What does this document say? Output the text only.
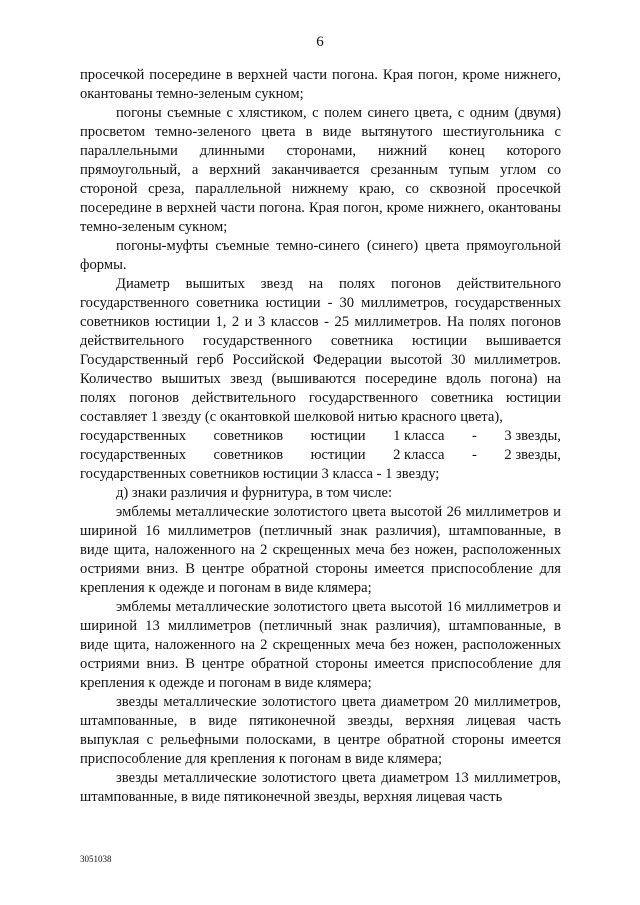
6

просечкой посередине в верхней части погона. Края погон, кроме нижнего, окантованы темно-зеленым сукном;

погоны съемные с хлястиком, с полем синего цвета, с одним (двумя) просветом темно-зеленого цвета в виде вытянутого шестиугольника с параллельными длинными сторонами, нижний конец которого прямоугольный, а верхний заканчивается срезанным тупым углом со стороной среза, параллельной нижнему краю, со сквозной просечкой посередине в верхней части погона. Края погон, кроме нижнего, окантованы темно-зеленым сукном;

погоны-муфты съемные темно-синего (синего) цвета прямоугольной формы.

Диаметр вышитых звезд на полях погонов действительного государственного советника юстиции - 30 миллиметров, государственных советников юстиции 1, 2 и 3 классов - 25 миллиметров. На полях погонов действительного государственного советника юстиции вышивается Государственный герб Российской Федерации высотой 30 миллиметров. Количество вышитых звезд (вышиваются посередине вдоль погона) на полях погонов действительного государственного советника юстиции составляет 1 звезду (с окантовкой шелковой нитью красного цвета),

государственных советников юстиции 1 класса - 3 звезды,
государственных советников юстиции 2 класса - 2 звезды,

государственных советников юстиции 3 класса - 1 звезду;

д) знаки различия и фурнитура, в том числе:

эмблемы металлические золотистого цвета высотой 26 миллиметров и шириной 16 миллиметров (петличный знак различия), штампованные, в виде щита, наложенного на 2 скрещенных меча без ножен, расположенных остриями вниз. В центре обратной стороны имеется приспособление для крепления к одежде и погонам в виде клямера;

эмблемы металлические золотистого цвета высотой 16 миллиметров и шириной 13 миллиметров (петличный знак различия), штампованные, в виде щита, наложенного на 2 скрещенных меча без ножен, расположенных остриями вниз. В центре обратной стороны имеется приспособление для крепления к одежде и погонам в виде клямера;

звезды металлические золотистого цвета диаметром 20 миллиметров, штампованные, в виде пятиконечной звезды, верхняя лицевая часть выпуклая с рельефными полосками, в центре обратной стороны имеется приспособление для крепления к погонам в виде клямера;

звезды металлические золотистого цвета диаметром 13 миллиметров, штампованные, в виде пятиконечной звезды, верхняя лицевая часть

3051038
